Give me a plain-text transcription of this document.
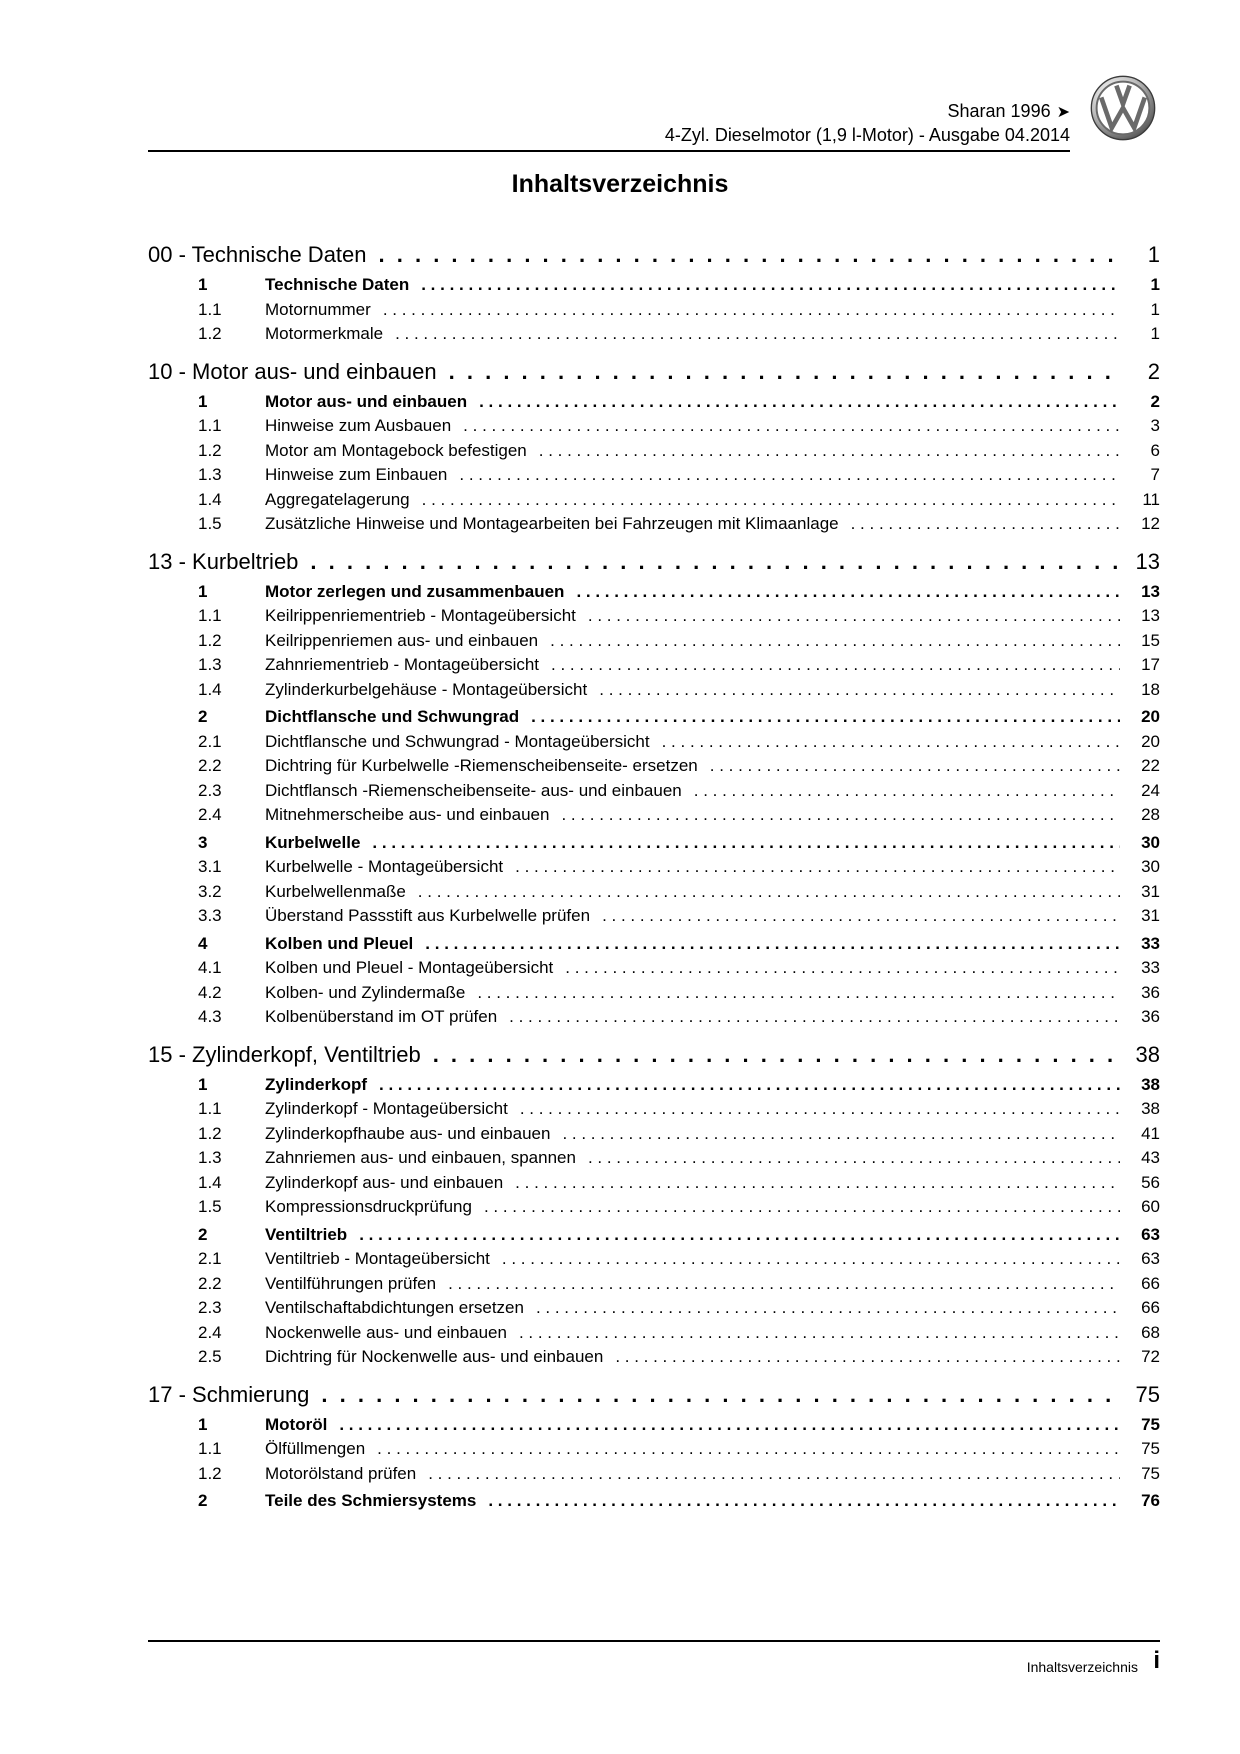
Sharan 1996 ➤
4-Zyl. Dieselmotor (1,9 l-Motor) - Ausgabe 04.2014
Inhaltsverzeichnis
00 - Technische Daten . . .	1
1	Technische Daten . . .	1
1.1	Motornummer . . .	1
1.2	Motormerkmale . . .	1
10 - Motor aus- und einbauen . . .	2
1	Motor aus- und einbauen . . .	2
1.1	Hinweise zum Ausbauen . . .	3
1.2	Motor am Montagebock befestigen . . .	6
1.3	Hinweise zum Einbauen . . .	7
1.4	Aggregatelagerung . . .	11
1.5	Zusätzliche Hinweise und Montagearbeiten bei Fahrzeugen mit Klimaanlage . . .	12
13 - Kurbeltrieb . . .	13
1	Motor zerlegen und zusammenbauen . . .	13
1.1	Keilrippenriementrieb - Montageübersicht . . .	13
1.2	Keilrippenriemen aus- und einbauen . . .	15
1.3	Zahnriementrieb - Montageübersicht . . .	17
1.4	Zylinderkurbelgehäuse - Montageübersicht . . .	18
2	Dichtflansche und Schwungrad . . .	20
2.1	Dichtflansche und Schwungrad - Montageübersicht . . .	20
2.2	Dichtring für Kurbelwelle -Riemenscheibenseite- ersetzen . . .	22
2.3	Dichtflansch -Riemenscheibenseite- aus- und einbauen . . .	24
2.4	Mitnehmerscheibe aus- und einbauen . . .	28
3	Kurbelwelle . . .	30
3.1	Kurbelwelle - Montageübersicht . . .	30
3.2	Kurbelwellenmaße . . .	31
3.3	Überstand Passstift aus Kurbelwelle prüfen . . .	31
4	Kolben und Pleuel . . .	33
4.1	Kolben und Pleuel - Montageübersicht . . .	33
4.2	Kolben- und Zylindermaße . . .	36
4.3	Kolbenüberstand im OT prüfen . . .	36
15 - Zylinderkopf, Ventiltrieb . . .	38
1	Zylinderkopf . . .	38
1.1	Zylinderkopf - Montageübersicht . . .	38
1.2	Zylinderkopfhaube aus- und einbauen . . .	41
1.3	Zahnriemen aus- und einbauen, spannen . . .	43
1.4	Zylinderkopf aus- und einbauen . . .	56
1.5	Kompressionsdruckprüfung . . .	60
2	Ventiltrieb . . .	63
2.1	Ventiltrieb - Montageübersicht . . .	63
2.2	Ventilführungen prüfen . . .	66
2.3	Ventilschaftabdichtungen ersetzen . . .	66
2.4	Nockenwelle aus- und einbauen . . .	68
2.5	Dichtring für Nockenwelle aus- und einbauen . . .	72
17 - Schmierung . . .	75
1	Motoröl . . .	75
1.1	Ölfüllmengen . . .	75
1.2	Motorölstand prüfen . . .	75
2	Teile des Schmiersystems . . .	76
Inhaltsverzeichnis i
